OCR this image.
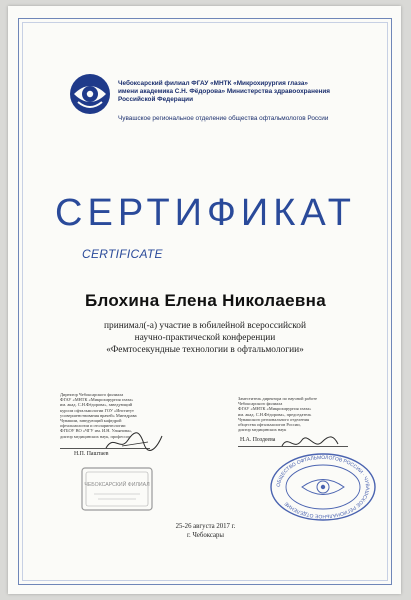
Чебоксарский филиал ФГАУ «МНТК «Микрохирургия глаза»
имени академика С.Н. Фёдорова» Министерства здравоохранения
Российской Федерации
Чувашское региональное отделение общества офтальмологов России
СЕРТИФИКАТ
CERTIFICATE
Блохина Елена Николаевна
принимал(-а) участие в юбилейной всероссийской
научно-практической конференции
«Фемтосекундные технологии в офтальмологии»
Директор Чебоксарского филиала
ФГАУ «МНТК «Микрохирургия глаза»
им. акад. С.Н.Фёдорова», заведующий
курсом офтальмологии ГОУ «Институт
усовершенствования врачей» Минздрава
Чувашии, заведующий кафедрой
офтальмологии и отоларингологии
ФГБОУ ВО «ЧГУ им. И.Н. Ульянова»,
доктор медицинских наук, профессор
Н.П. Паштаев
ЧЕБОКСАРСКИЙ ФИЛИАЛ
Заместитель директора по научной работе
Чебоксарского филиала
ФГАУ «МНТК «Микрохирургия глаза»
им. акад. С.Н.Фёдорова», председатель
Чувашского регионального отделения
общества офтальмологов России,
доктор медицинских наук
Н.А. Поздеева
ОБЩЕСТВО ОФТАЛЬМОЛОГОВ РОССИИ · ЧУВАШСКОЕ РЕГИОНАЛЬНОЕ ОТДЕЛЕНИЕ
25-26 августа 2017 г.
г. Чебоксары
